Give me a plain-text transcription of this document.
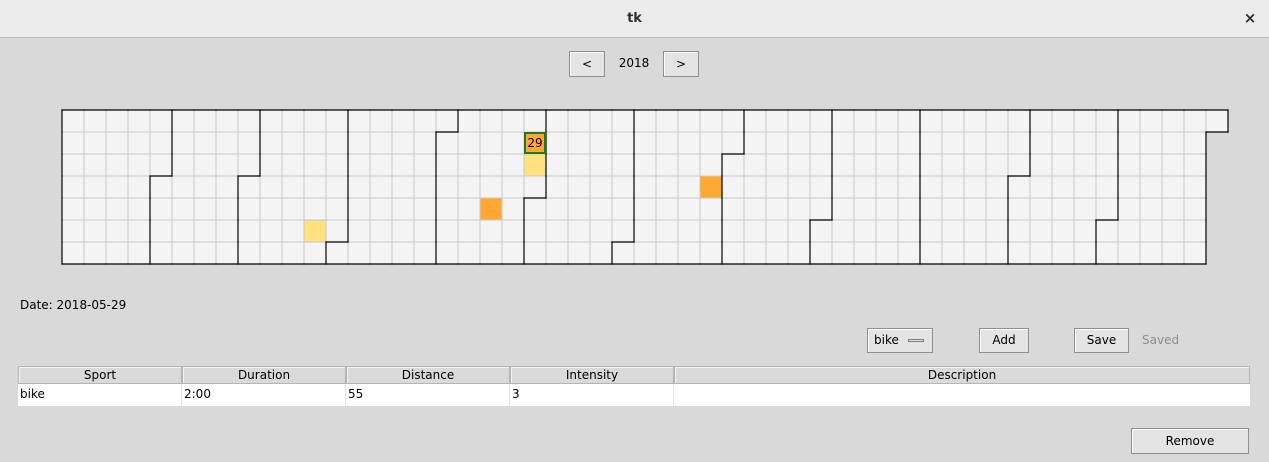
tk	×
<	2018	>
29
Date: 2018-05-29
bike	Add	Save	Saved
Sport	Duration	Distance	Intensity	Description
bike	2:00	55	3
Remove
